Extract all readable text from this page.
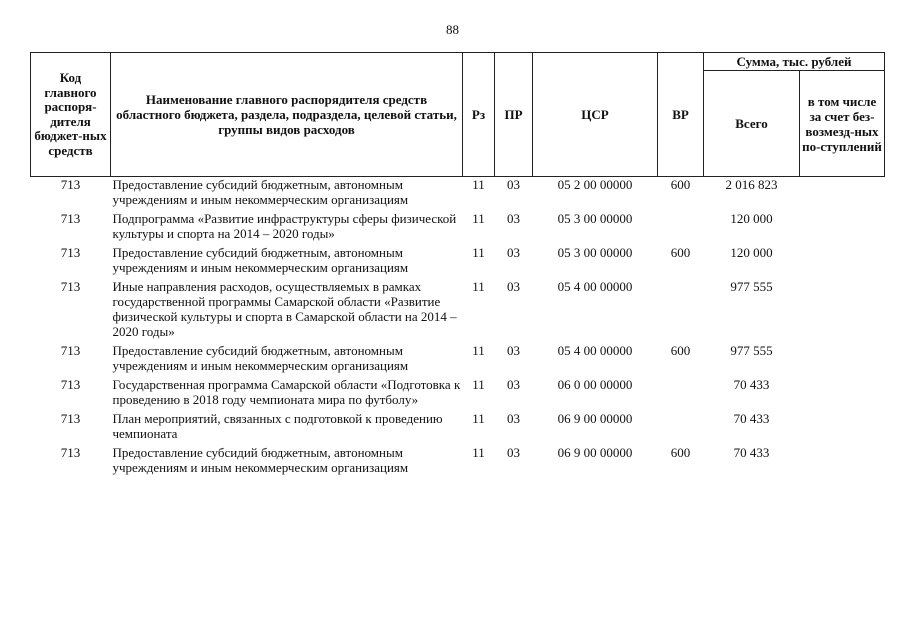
88
Код главного распоря-дителя бюджет-ных средств	Наименование главного распорядителя средств областного бюджета, раздела, подраздела, целевой статьи, группы видов расходов	Рз	ПР	ЦСР	ВР	Сумма, тыс. рублей	
						Всего	в том числе за счет без-возмезд-ных по-ступлений
713	Предоставление субсидий бюджетным, автономным учреждениям и иным некоммерческим организациям	11	03	05 2 00 00000	600	2 016 823	
713	Подпрограмма «Развитие инфраструктуры сферы физической культуры и спорта на 2014 – 2020 годы»	11	03	05 3 00 00000		120 000	
713	Предоставление субсидий бюджетным, автономным учреждениям и иным некоммерческим организациям	11	03	05 3 00 00000	600	120 000	
713	Иные направления расходов, осуществляемых в рамках государственной программы Самарской области «Развитие физической культуры и спорта в Самарской области на 2014 – 2020 годы»	11	03	05 4 00 00000		977 555	
713	Предоставление субсидий бюджетным, автономным учреждениям и иным некоммерческим организациям	11	03	05 4 00 00000	600	977 555	
713	Государственная программа Самарской области «Подготовка к проведению в 2018 году чемпионата мира по футболу»	11	03	06 0 00 00000		70 433	
713	План мероприятий, связанных с подготовкой к проведению чемпионата	11	03	06 9 00 00000		70 433	
713	Предоставление субсидий бюджетным, автономным учреждениям и иным некоммерческим организациям	11	03	06 9 00 00000	600	70 433	
